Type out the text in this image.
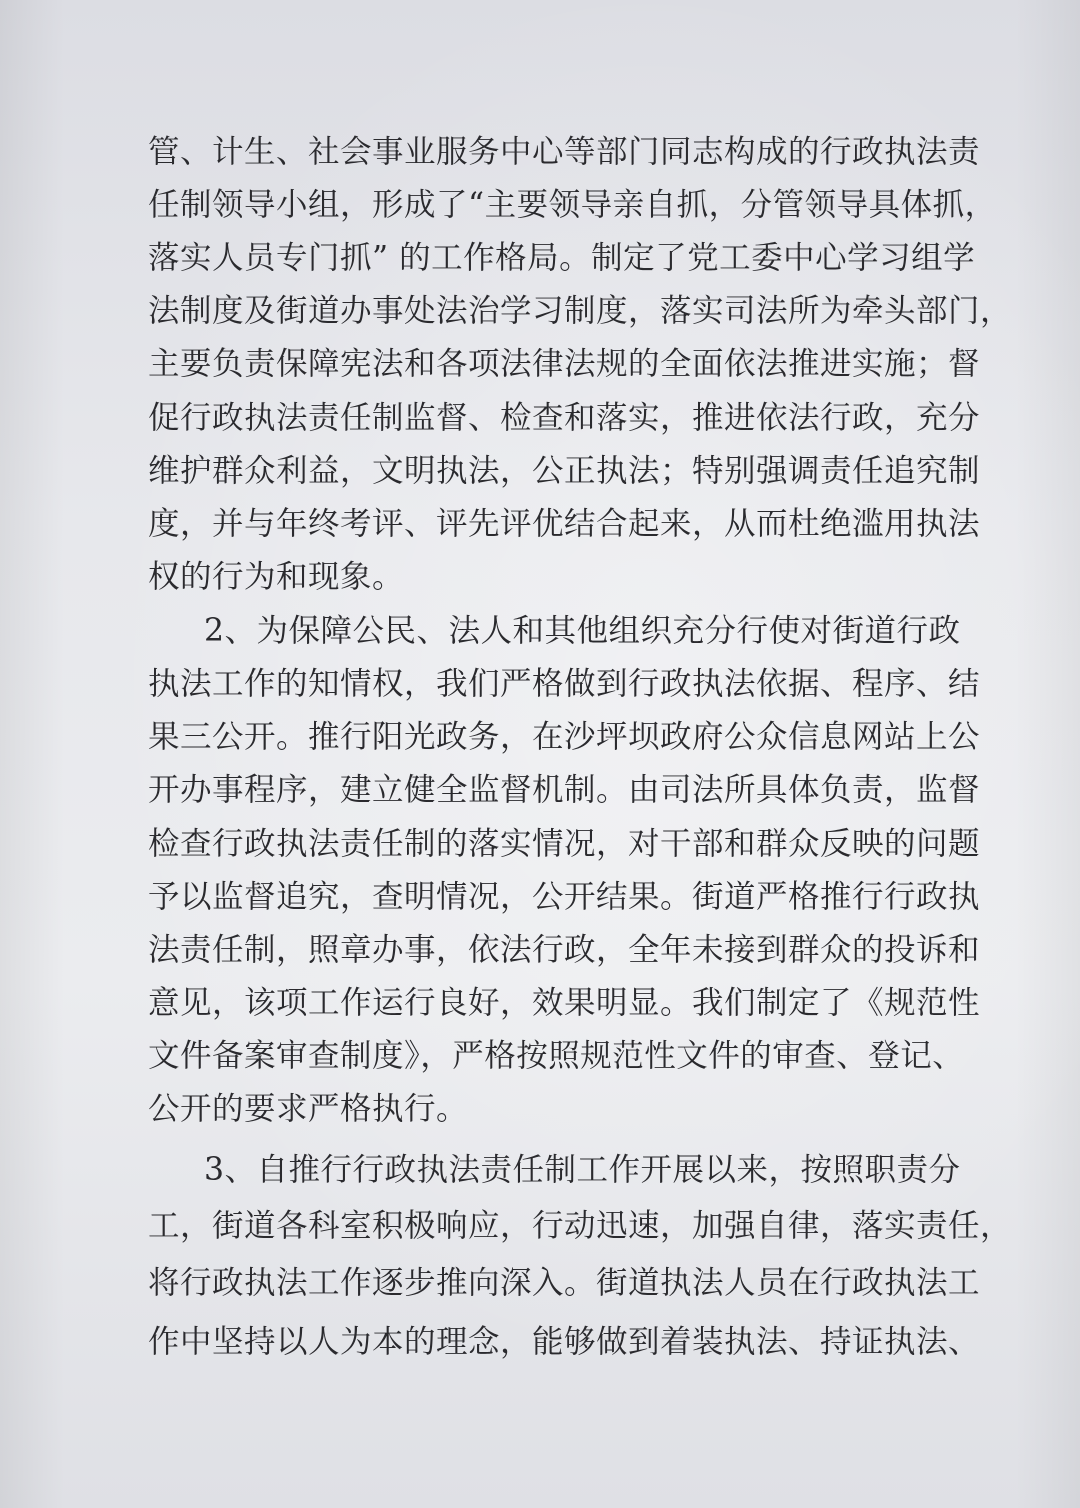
管、计生、社会事业服务中心等部门同志构成的行政执法责
任制领导小组，形成了“主要领导亲自抓，分管领导具体抓，
落实人员专门抓” 的工作格局。制定了党工委中心学习组学
法制度及街道办事处法治学习制度，落实司法所为牵头部门，
主要负责保障宪法和各项法律法规的全面依法推进实施；督
促行政执法责任制监督、检查和落实，推进依法行政，充分
维护群众利益，文明执法，公正执法；特别强调责任追究制
度，并与年终考评、评先评优结合起来，从而杜绝滥用执法
权的行为和现象。
2、为保障公民、法人和其他组织充分行使对街道行政
执法工作的知情权，我们严格做到行政执法依据、程序、结
果三公开。推行阳光政务，在沙坪坝政府公众信息网站上公
开办事程序，建立健全监督机制。由司法所具体负责，监督
检查行政执法责任制的落实情况，对干部和群众反映的问题
予以监督追究，查明情况，公开结果。街道严格推行行政执
法责任制，照章办事，依法行政，全年未接到群众的投诉和
意见，该项工作运行良好，效果明显。我们制定了《规范性
文件备案审查制度》，严格按照规范性文件的审查、登记、
公开的要求严格执行。
3、自推行行政执法责任制工作开展以来，按照职责分
工，街道各科室积极响应，行动迅速，加强自律，落实责任，
将行政执法工作逐步推向深入。街道执法人员在行政执法工
作中坚持以人为本的理念，能够做到着装执法、持证执法、
